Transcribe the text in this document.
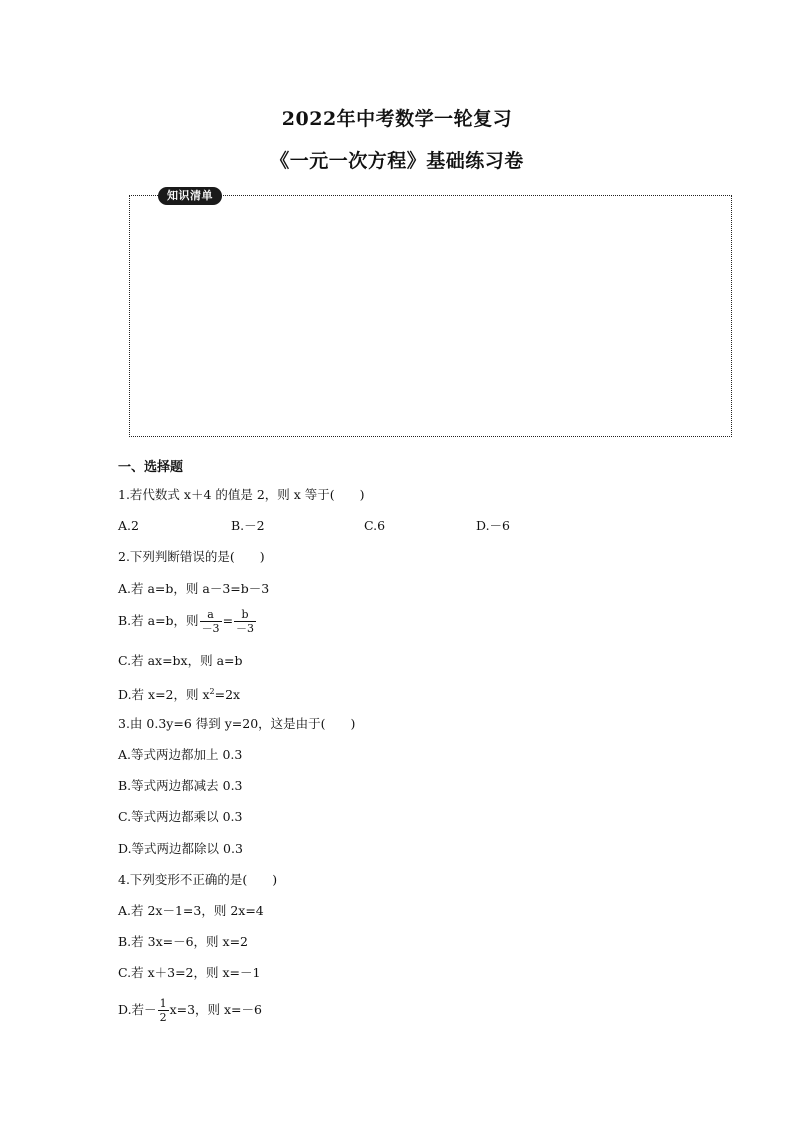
2022年中考数学一轮复习
《一元一次方程》基础练习卷
知识清单
一、选择题
1.若代数式 x＋4 的值是 2，则 x 等于(　　)
A.2	B.－2	C.6	D.－6
2.下列判断错误的是(　　)
A.若 a=b，则 a－3=b－3
B.若 a=b，则 $\frac{a}{-3} = \frac{b}{-3}$
C.若 ax=bx，则 a=b
D.若 x=2，则 $x^2=2x$
3.由 0.3y=6 得到 y=20，这是由于(　　)
A.等式两边都加上 0.3
B.等式两边都减去 0.3
C.等式两边都乘以 0.3
D.等式两边都除以 0.3
4.下列变形不正确的是(　　)
A.若 2x－1=3，则 2x=4
B.若 3x=－6，则 x=2
C.若 x＋3=2，则 x=－1
D.若－ $\frac{1}{2} x=3$，则 x=－6
